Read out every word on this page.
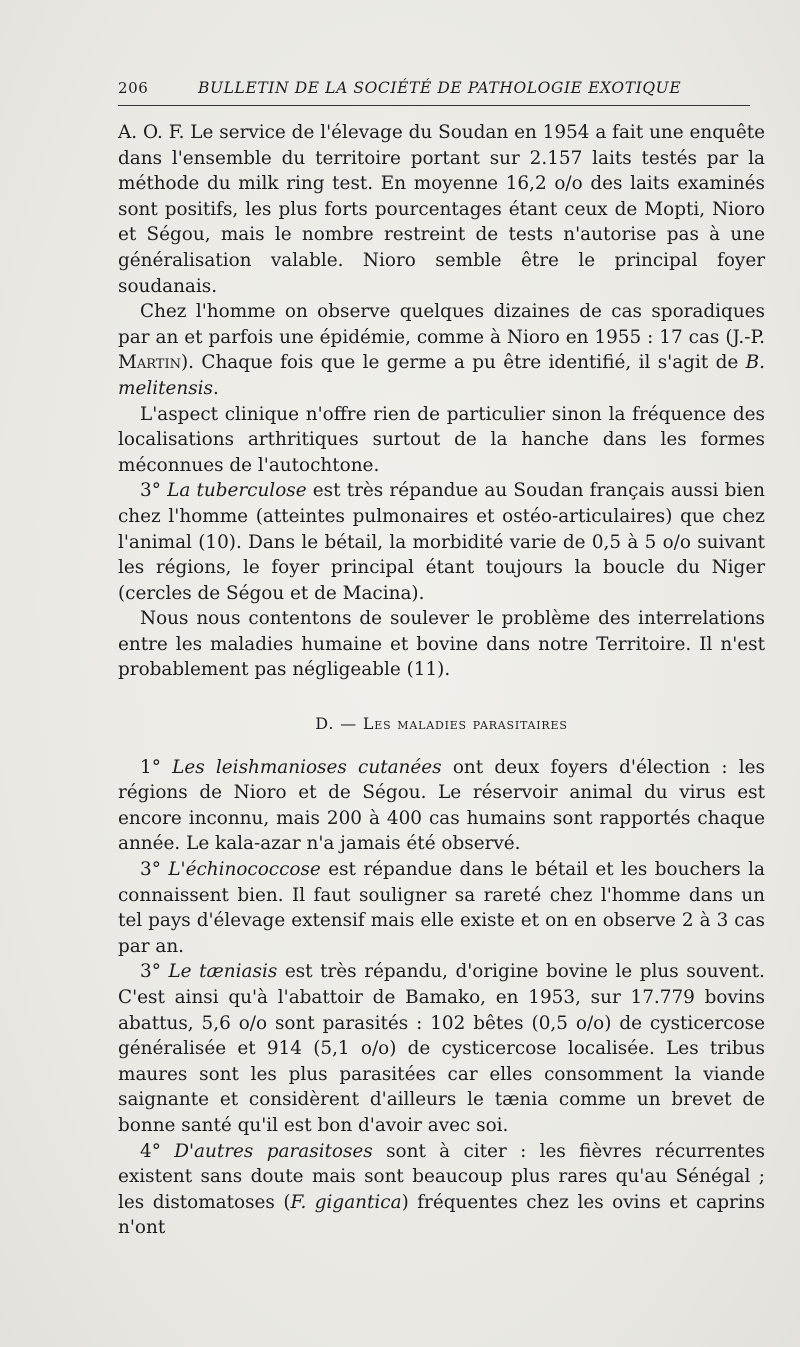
206	BULLETIN DE LA SOCIÉTÉ DE PATHOLOGIE EXOTIQUE

A. O. F. Le service de l'élevage du Soudan en 1954 a fait une enquête dans l'ensemble du territoire portant sur 2.157 laits testés par la méthode du milk ring test. En moyenne 16,2 o/o des laits examinés sont positifs, les plus forts pourcentages étant ceux de Mopti, Nioro et Ségou, mais le nombre restreint de tests n'autorise pas à une généralisation valable. Nioro semble être le principal foyer soudanais.

Chez l'homme on observe quelques dizaines de cas sporadiques par an et parfois une épidémie, comme à Nioro en 1955 : 17 cas (J.-P. Martin). Chaque fois que le germe a pu être identifié, il s'agit de B. melitensis.

L'aspect clinique n'offre rien de particulier sinon la fréquence des localisations arthritiques surtout de la hanche dans les formes méconnues de l'autochtone.

3° La tuberculose est très répandue au Soudan français aussi bien chez l'homme (atteintes pulmonaires et ostéo-articulaires) que chez l'animal (10). Dans le bétail, la morbidité varie de 0,5 à 5 o/o suivant les régions, le foyer principal étant toujours la boucle du Niger (cercles de Ségou et de Macina).

Nous nous contentons de soulever le problème des interrelations entre les maladies humaine et bovine dans notre Territoire. Il n'est probablement pas négligeable (11).

D. — Les maladies parasitaires

1° Les leishmanioses cutanées ont deux foyers d'élection : les régions de Nioro et de Ségou. Le réservoir animal du virus est encore inconnu, mais 200 à 400 cas humains sont rapportés chaque année. Le kala-azar n'a jamais été observé.

3° L'échinococcose est répandue dans le bétail et les bouchers la connaissent bien. Il faut souligner sa rareté chez l'homme dans un tel pays d'élevage extensif mais elle existe et on en observe 2 à 3 cas par an.

3° Le tæniasis est très répandu, d'origine bovine le plus souvent. C'est ainsi qu'à l'abattoir de Bamako, en 1953, sur 17.779 bovins abattus, 5,6 o/o sont parasités : 102 bêtes (0,5 o/o) de cysticercose généralisée et 914 (5,1 o/o) de cysticercose localisée. Les tribus maures sont les plus parasitées car elles consomment la viande saignante et considèrent d'ailleurs le tænia comme un brevet de bonne santé qu'il est bon d'avoir avec soi.

4° D'autres parasitoses sont à citer : les fièvres récurrentes existent sans doute mais sont beaucoup plus rares qu'au Sénégal ; les distomatoses (F. gigantica) fréquentes chez les ovins et caprins n'ont
